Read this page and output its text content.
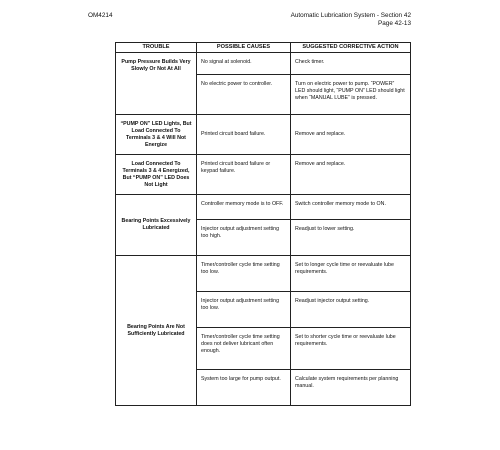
OM4214	Automatic Lubrication System - Section 42
Page 42-13
TROUBLE	POSSIBLE CAUSES	SUGGESTED CORRECTIVE ACTION
Pump Pressure Builds Very Slowly Or Not At All	No signal at solenoid.	Check timer.
	No electric power to controller.	Turn on electric power to pump. “POWER” LED should light, “PUMP ON” LED should light when “MANUAL LUBE” is pressed.
“PUMP ON” LED Lights, But Load Connected To Terminals 3 & 4 Will Not Energize	Printed circuit board failure.	Remove and replace.
Load Connected To Terminals 3 & 4 Energized, But “PUMP ON” LED Does Not Light	Printed circuit board failure or keypad failure.	Remove and replace.
Bearing Points Excessively Lubricated	Controller memory mode is to OFF.	Switch controller memory mode to ON.
	Injector output adjustment setting too high.	Readjust to lower setting.
Bearing Points Are Not Sufficiently Lubricated	Timer/controller cycle time setting too low.	Set to longer cycle time or reevaluate lube requirements.
	Injector output adjustment setting too low.	Readjust injector output setting.
	Timer/controller cycle time setting does not deliver lubricant often enough.	Set to shorter cycle time or reevaluate lube requirements.
	System too large for pump output.	Calculate system requirements per planning manual.
